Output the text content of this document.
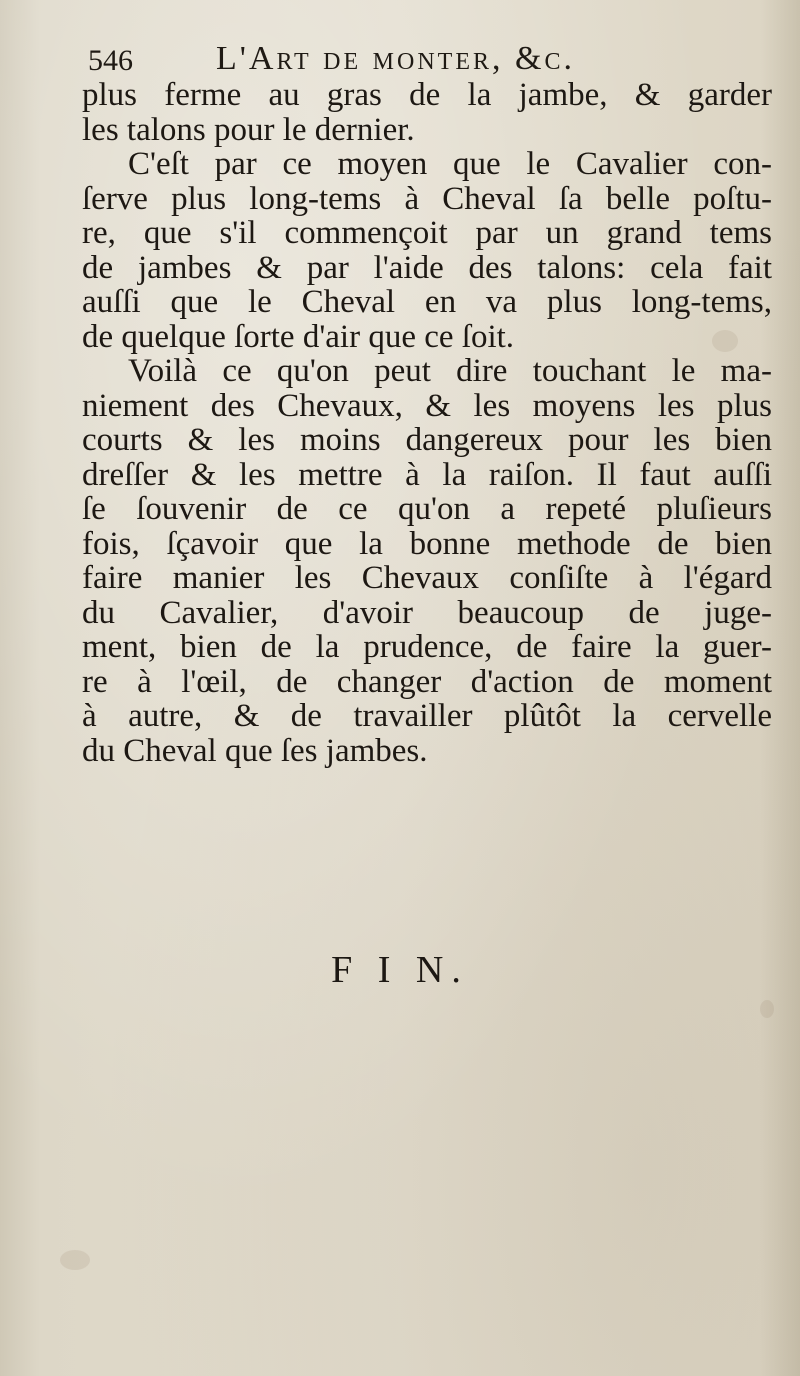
546 L'Art de monter, &c.
plus ferme au gras de la jambe, & garder
les talons pour le dernier.
C'eſt par ce moyen que le Cavalier con-
ſerve plus long-tems à Cheval ſa belle poſtu-
re, que s'il commençoit par un grand tems
de jambes & par l'aide des talons: cela fait
auſſi que le Cheval en va plus long-tems,
de quelque ſorte d'air que ce ſoit.
Voilà ce qu'on peut dire touchant le ma-
niement des Chevaux, & les moyens les plus
courts & les moins dangereux pour les bien
dreſſer & les mettre à la raiſon. Il faut auſſi
ſe ſouvenir de ce qu'on a repeté pluſieurs
fois, ſçavoir que la bonne methode de bien
faire manier les Chevaux conſiſte à l'égard
du Cavalier, d'avoir beaucoup de juge-
ment, bien de la prudence, de faire la guer-
re à l'œil, de changer d'action de moment
à autre, & de travailler plûtôt la cervelle
du Cheval que ſes jambes.
F I N.
